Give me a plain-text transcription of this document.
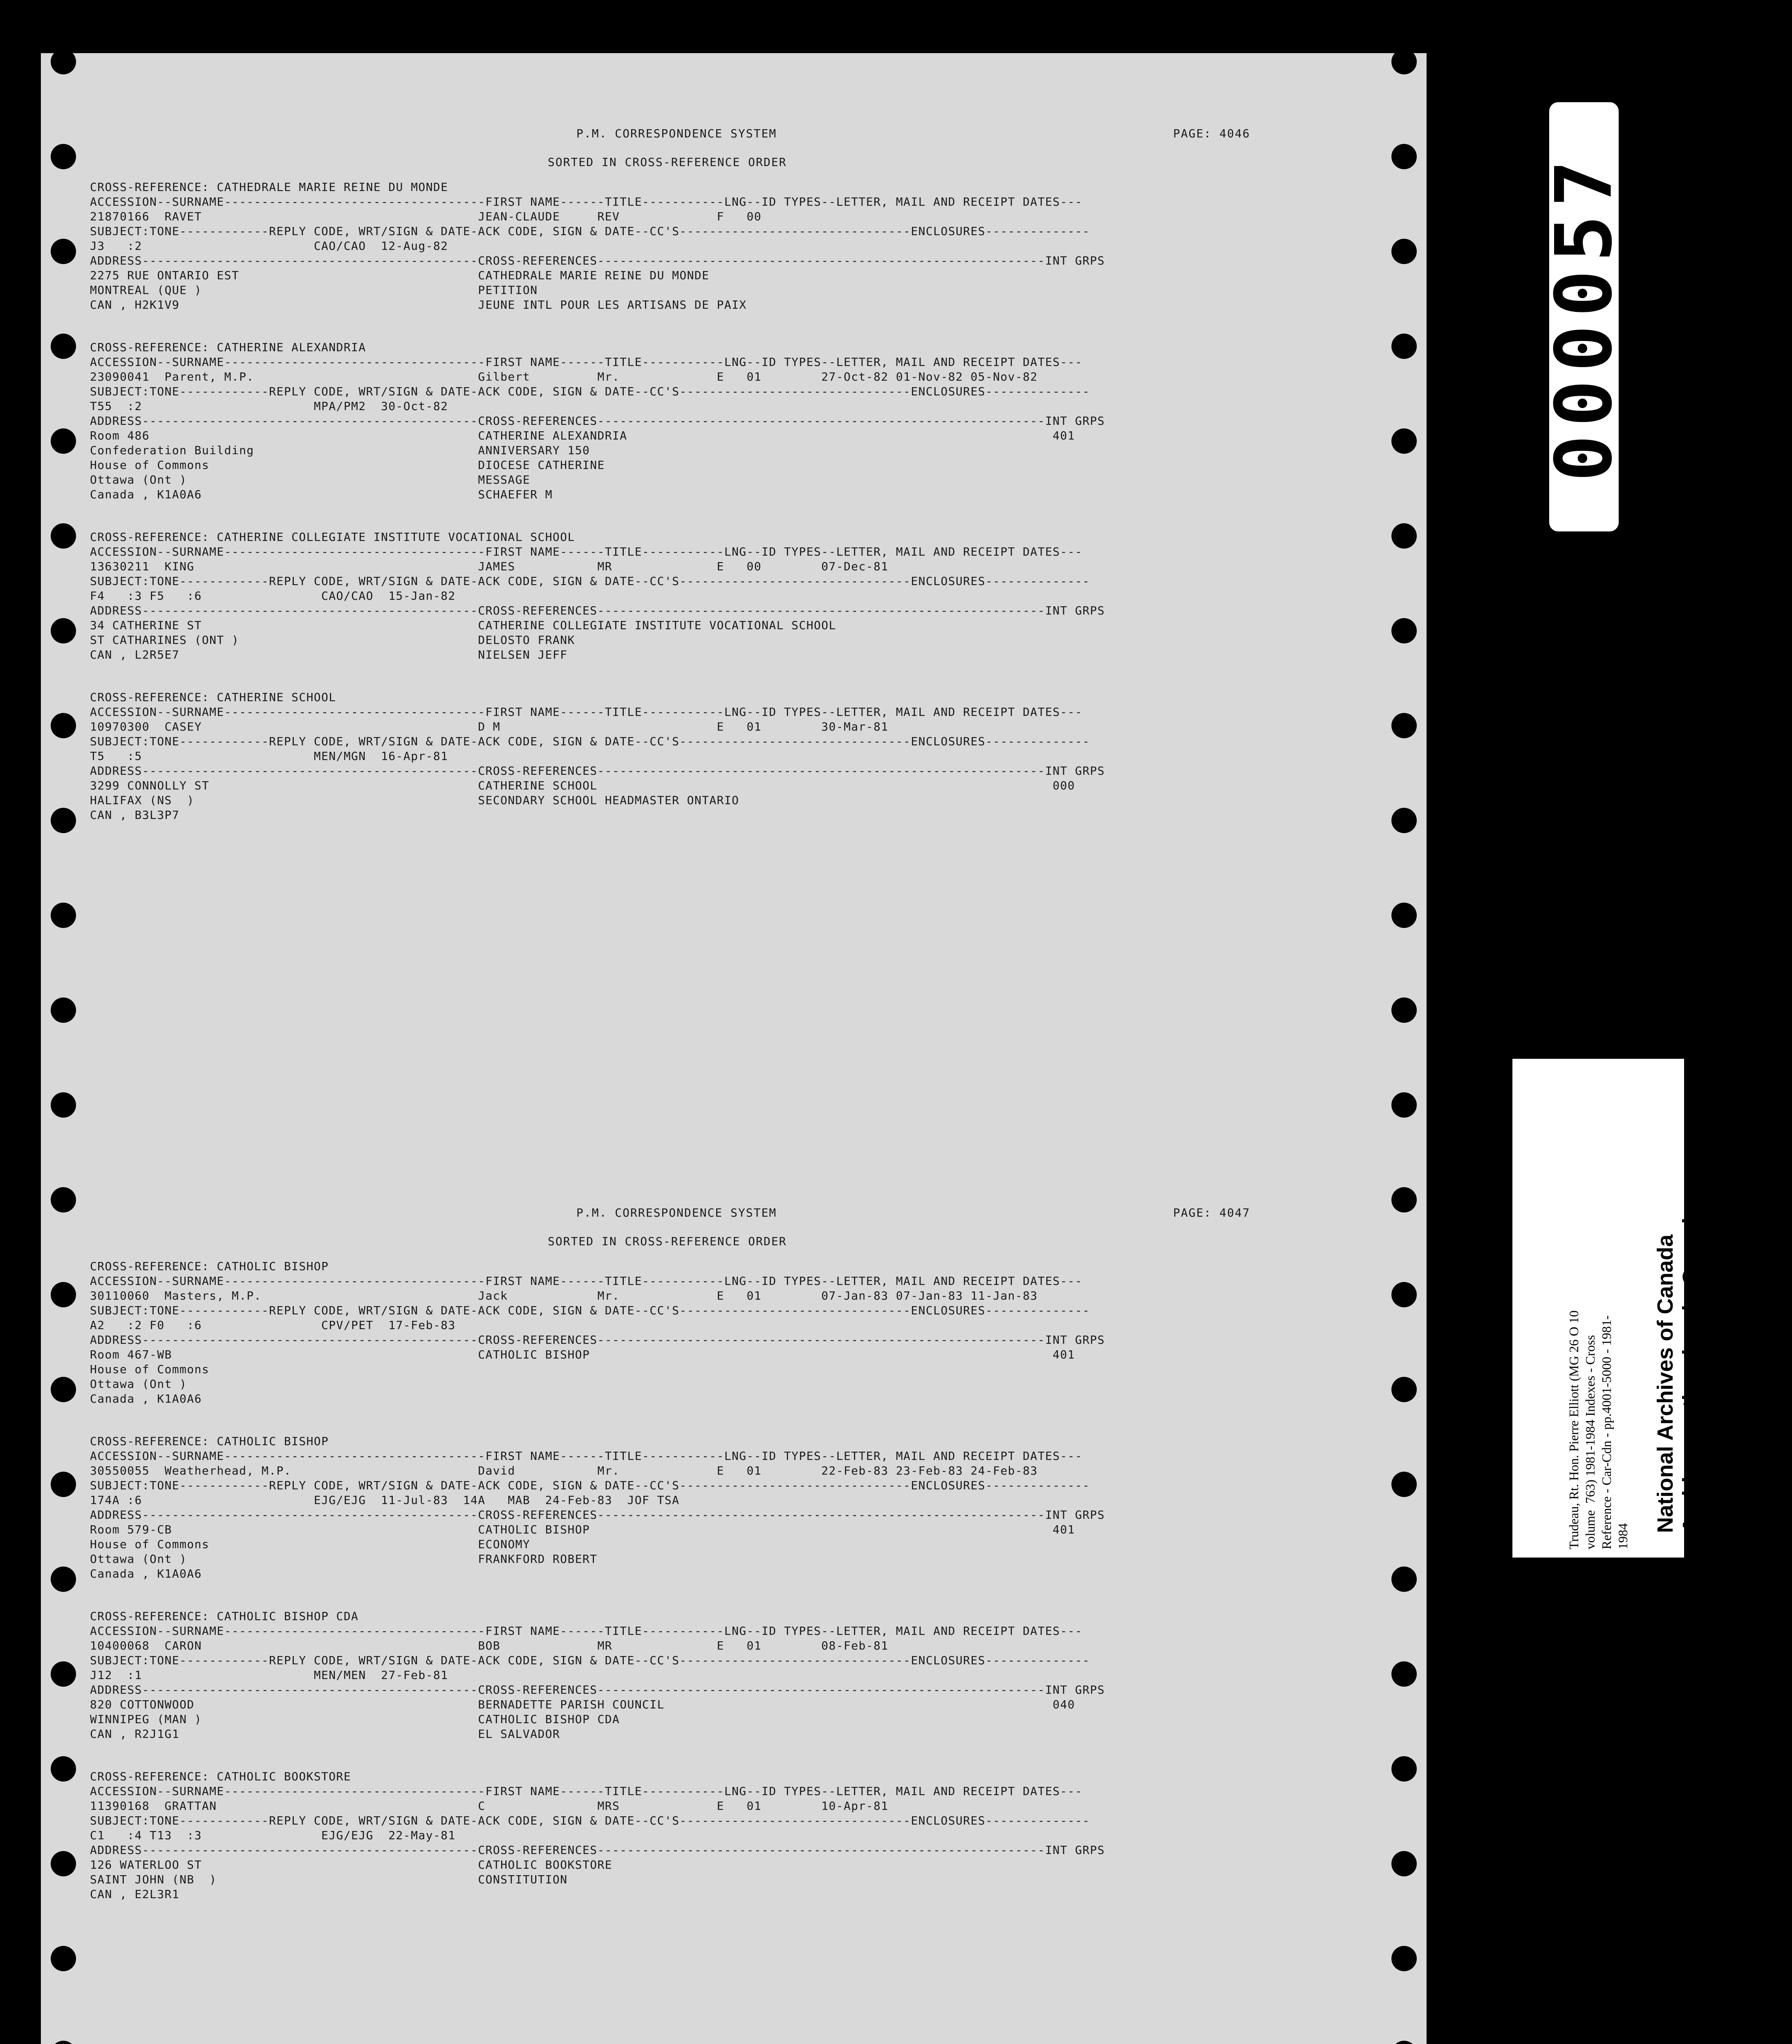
P.M. CORRESPONDENCE SYSTEM	PAGE: 4046
SORTED IN CROSS-REFERENCE ORDER
CROSS-REFERENCE: CATHEDRALE MARIE REINE DU MONDE
ACCESSION--SURNAME-----------------------------------FIRST NAME------TITLE-----------LNG--ID TYPES--LETTER, MAIL AND RECEIPT DATES---
21870166  RAVET                                     JEAN-CLAUDE     REV             F   00
SUBJECT:TONE------------REPLY CODE, WRT/SIGN & DATE-ACK CODE, SIGN & DATE--CC'S-------------------------------ENCLOSURES--------------
J3   :2                       CAO/CAO  12-Aug-82
ADDRESS---------------------------------------------CROSS-REFERENCES------------------------------------------------------------INT GRPS
2275 RUE ONTARIO EST                                CATHEDRALE MARIE REINE DU MONDE
MONTREAL (QUE )                                     PETITION
CAN , H2K1V9                                        JEUNE INTL POUR LES ARTISANS DE PAIX
CROSS-REFERENCE: CATHERINE ALEXANDRIA
ACCESSION--SURNAME-----------------------------------FIRST NAME------TITLE-----------LNG--ID TYPES--LETTER, MAIL AND RECEIPT DATES---
23090041  Parent, M.P.                              Gilbert         Mr.             E   01        27-Oct-82 01-Nov-82 05-Nov-82
SUBJECT:TONE------------REPLY CODE, WRT/SIGN & DATE-ACK CODE, SIGN & DATE--CC'S-------------------------------ENCLOSURES--------------
T55  :2                       MPA/PM2  30-Oct-82
ADDRESS---------------------------------------------CROSS-REFERENCES------------------------------------------------------------INT GRPS
Room 486                                            CATHERINE ALEXANDRIA                                                         401
Confederation Building                              ANNIVERSARY 150
House of Commons                                    DIOCESE CATHERINE
Ottawa (Ont )                                       MESSAGE
Canada , K1A0A6                                     SCHAEFER M
CROSS-REFERENCE: CATHERINE COLLEGIATE INSTITUTE VOCATIONAL SCHOOL
ACCESSION--SURNAME-----------------------------------FIRST NAME------TITLE-----------LNG--ID TYPES--LETTER, MAIL AND RECEIPT DATES---
13630211  KING                                      JAMES           MR              E   00        07-Dec-81
SUBJECT:TONE------------REPLY CODE, WRT/SIGN & DATE-ACK CODE, SIGN & DATE--CC'S-------------------------------ENCLOSURES--------------
F4   :3 F5   :6                CAO/CAO  15-Jan-82
ADDRESS---------------------------------------------CROSS-REFERENCES------------------------------------------------------------INT GRPS
34 CATHERINE ST                                     CATHERINE COLLEGIATE INSTITUTE VOCATIONAL SCHOOL
ST CATHARINES (ONT )                                DELOSTO FRANK
CAN , L2R5E7                                        NIELSEN JEFF
CROSS-REFERENCE: CATHERINE SCHOOL
ACCESSION--SURNAME-----------------------------------FIRST NAME------TITLE-----------LNG--ID TYPES--LETTER, MAIL AND RECEIPT DATES---
10970300  CASEY                                     D M                             E   01        30-Mar-81
SUBJECT:TONE------------REPLY CODE, WRT/SIGN & DATE-ACK CODE, SIGN & DATE--CC'S-------------------------------ENCLOSURES--------------
T5   :5                       MEN/MGN  16-Apr-81
ADDRESS---------------------------------------------CROSS-REFERENCES------------------------------------------------------------INT GRPS
3299 CONNOLLY ST                                    CATHERINE SCHOOL                                                             000
HALIFAX (NS  )                                      SECONDARY SCHOOL HEADMASTER ONTARIO
CAN , B3L3P7
P.M. CORRESPONDENCE SYSTEM	PAGE: 4047
SORTED IN CROSS-REFERENCE ORDER
CROSS-REFERENCE: CATHOLIC BISHOP
ACCESSION--SURNAME-----------------------------------FIRST NAME------TITLE-----------LNG--ID TYPES--LETTER, MAIL AND RECEIPT DATES---
30110060  Masters, M.P.                             Jack            Mr.             E   01        07-Jan-83 07-Jan-83 11-Jan-83
SUBJECT:TONE------------REPLY CODE, WRT/SIGN & DATE-ACK CODE, SIGN & DATE--CC'S-------------------------------ENCLOSURES--------------
A2   :2 F0   :6                CPV/PET  17-Feb-83
ADDRESS---------------------------------------------CROSS-REFERENCES------------------------------------------------------------INT GRPS
Room 467-WB                                         CATHOLIC BISHOP                                                              401
House of Commons
Ottawa (Ont )
Canada , K1A0A6
CROSS-REFERENCE: CATHOLIC BISHOP
ACCESSION--SURNAME-----------------------------------FIRST NAME------TITLE-----------LNG--ID TYPES--LETTER, MAIL AND RECEIPT DATES---
30550055  Weatherhead, M.P.                         David           Mr.             E   01        22-Feb-83 23-Feb-83 24-Feb-83
SUBJECT:TONE------------REPLY CODE, WRT/SIGN & DATE-ACK CODE, SIGN & DATE--CC'S-------------------------------ENCLOSURES--------------
174A :6                       EJG/EJG  11-Jul-83  14A   MAB  24-Feb-83  JOF TSA
ADDRESS---------------------------------------------CROSS-REFERENCES------------------------------------------------------------INT GRPS
Room 579-CB                                         CATHOLIC BISHOP                                                              401
House of Commons                                    ECONOMY
Ottawa (Ont )                                       FRANKFORD ROBERT
Canada , K1A0A6
CROSS-REFERENCE: CATHOLIC BISHOP CDA
ACCESSION--SURNAME-----------------------------------FIRST NAME------TITLE-----------LNG--ID TYPES--LETTER, MAIL AND RECEIPT DATES---
10400068  CARON                                     BOB             MR              E   01        08-Feb-81
SUBJECT:TONE------------REPLY CODE, WRT/SIGN & DATE-ACK CODE, SIGN & DATE--CC'S-------------------------------ENCLOSURES--------------
J12  :1                       MEN/MEN  27-Feb-81
ADDRESS---------------------------------------------CROSS-REFERENCES------------------------------------------------------------INT GRPS
820 COTTONWOOD                                      BERNADETTE PARISH COUNCIL                                                    040
WINNIPEG (MAN )                                     CATHOLIC BISHOP CDA
CAN , R2J1G1                                        EL SALVADOR
CROSS-REFERENCE: CATHOLIC BOOKSTORE
ACCESSION--SURNAME-----------------------------------FIRST NAME------TITLE-----------LNG--ID TYPES--LETTER, MAIL AND RECEIPT DATES---
11390168  GRATTAN                                   C               MRS             E   01        10-Apr-81
SUBJECT:TONE------------REPLY CODE, WRT/SIGN & DATE-ACK CODE, SIGN & DATE--CC'S-------------------------------ENCLOSURES--------------
C1   :4 T13  :3                EJG/EJG  22-May-81
ADDRESS---------------------------------------------CROSS-REFERENCES------------------------------------------------------------INT GRPS
126 WATERLOO ST                                     CATHOLIC BOOKSTORE
SAINT JOHN (NB  )                                   CONSTITUTION
CAN , E2L3R1
000057
Trudeau, Rt. Hon. Pierre Elliott (MG 26 O 10
volume  763) 1981-1984 Indexes - Cross
Reference - Car-Cdn - pp.4001-5000 - 1981-
1984
National Archives of Canada
Archives nationales du Canada
